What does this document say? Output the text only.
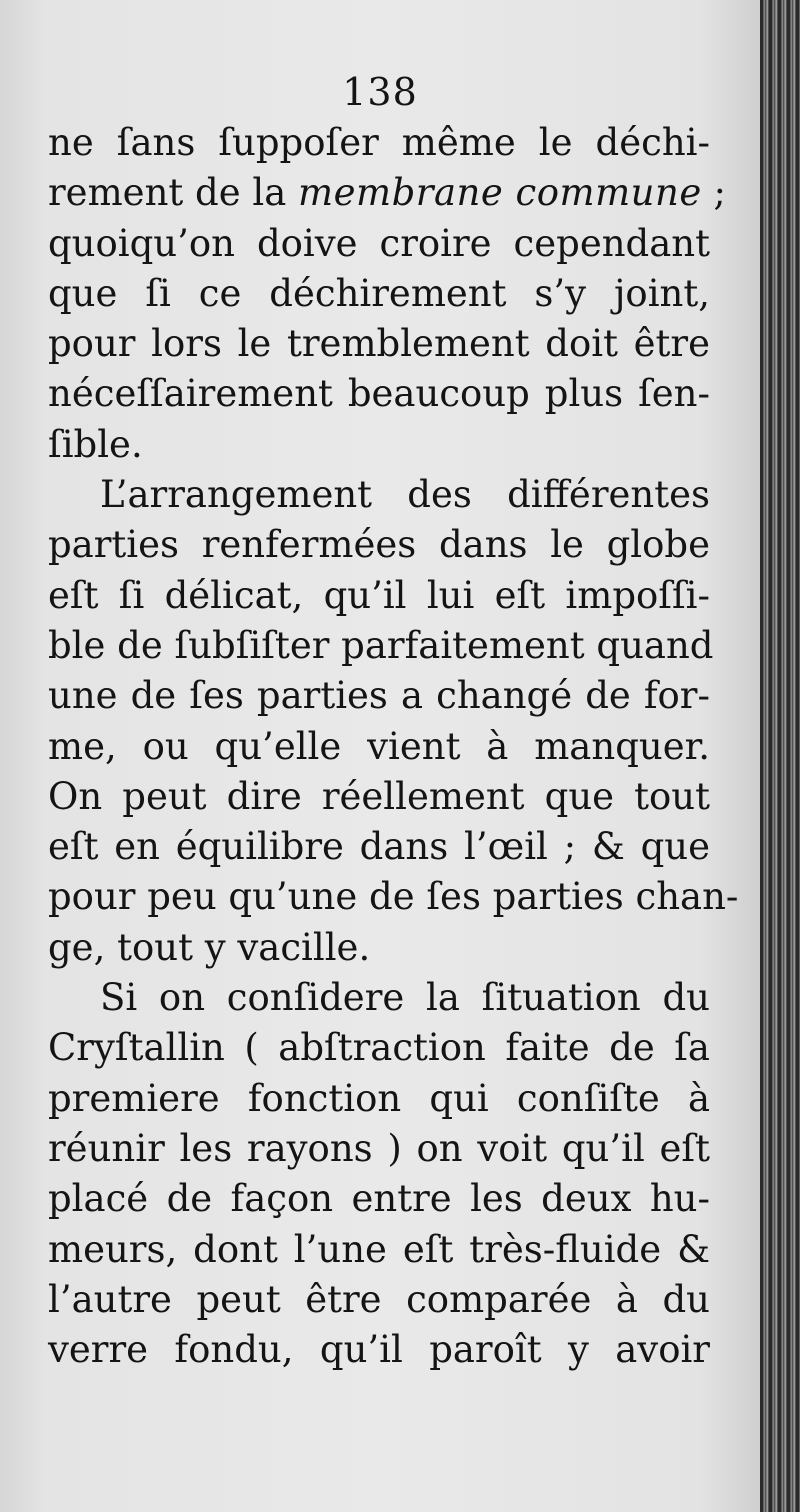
138
ne ſans ſuppoſer même le déchi-
rement de la membrane commune ;
quoiqu’on doive croire cependant
que ſi ce déchirement s’y joint,
pour lors le tremblement doit être
néceſſairement beaucoup plus ſen-
ſible.
L’arrangement des différentes
parties renfermées dans le globe
eſt ſi délicat, qu’il lui eſt impoſſi-
ble de ſubſiſter parfaitement quand
une de ſes parties a changé de for-
me, ou qu’elle vient à manquer.
On peut dire réellement que tout
eſt en équilibre dans l’œil ; & que
pour peu qu’une de ſes parties chan-
ge, tout y vacille.
Si on conſidere la ſituation du
Cryſtallin ( abſtraction faite de ſa
premiere fonction qui conſiſte à
réunir les rayons ) on voit qu’il eſt
placé de façon entre les deux hu-
meurs, dont l’une eſt très-fluide &
l’autre peut être comparée à du
verre fondu, qu’il paroît y avoir
